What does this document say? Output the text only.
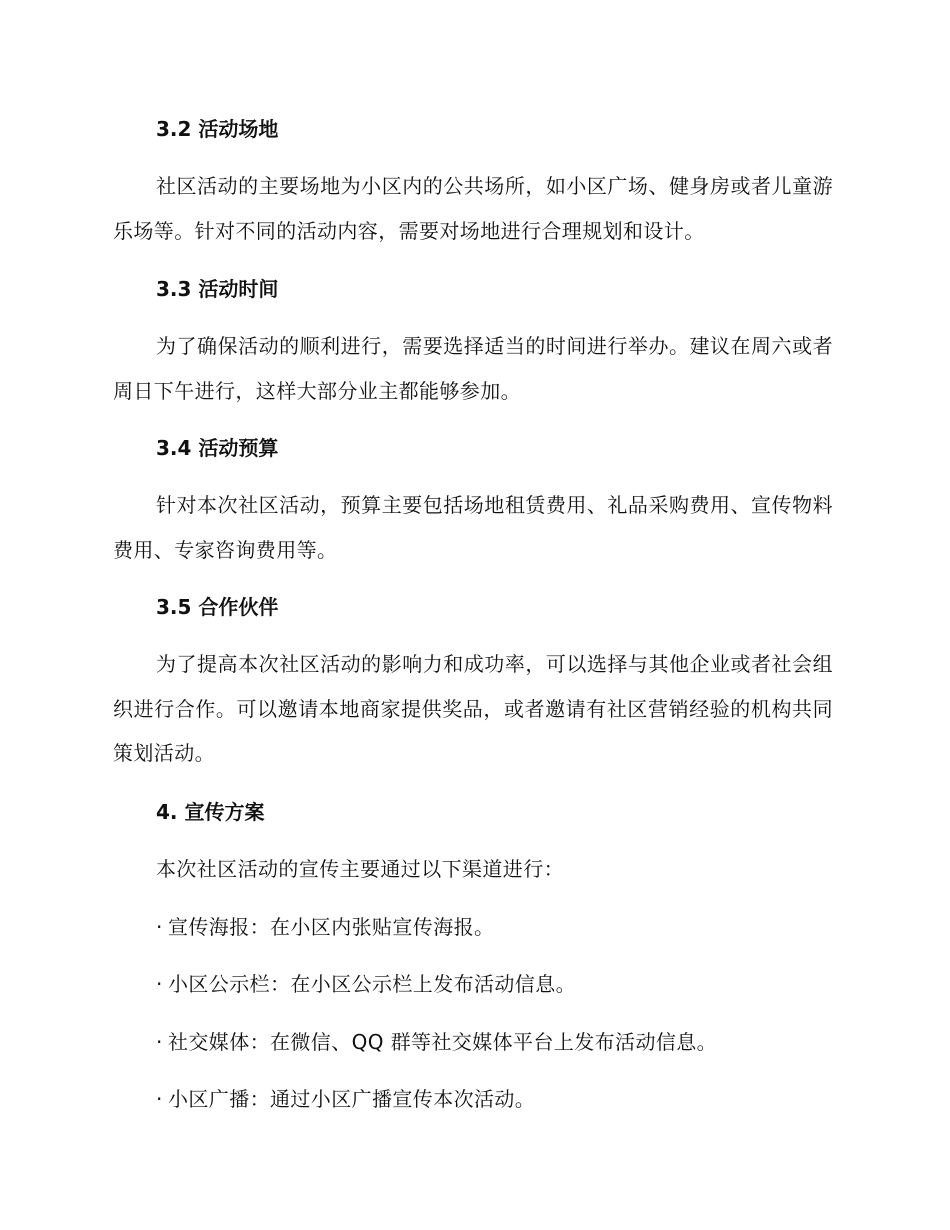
3.2 活动场地

社区活动的主要场地为小区内的公共场所，如小区广场、健身房或者儿童游乐场等。针对不同的活动内容，需要对场地进行合理规划和设计。

3.3 活动时间

为了确保活动的顺利进行，需要选择适当的时间进行举办。建议在周六或者周日下午进行，这样大部分业主都能够参加。

3.4 活动预算

针对本次社区活动，预算主要包括场地租赁费用、礼品采购费用、宣传物料费用、专家咨询费用等。

3.5 合作伙伴

为了提高本次社区活动的影响力和成功率，可以选择与其他企业或者社会组织进行合作。可以邀请本地商家提供奖品，或者邀请有社区营销经验的机构共同策划活动。

4. 宣传方案

本次社区活动的宣传主要通过以下渠道进行：

· 宣传海报：在小区内张贴宣传海报。
· 小区公示栏：在小区公示栏上发布活动信息。
· 社交媒体：在微信、QQ 群等社交媒体平台上发布活动信息。
· 小区广播：通过小区广播宣传本次活动。
